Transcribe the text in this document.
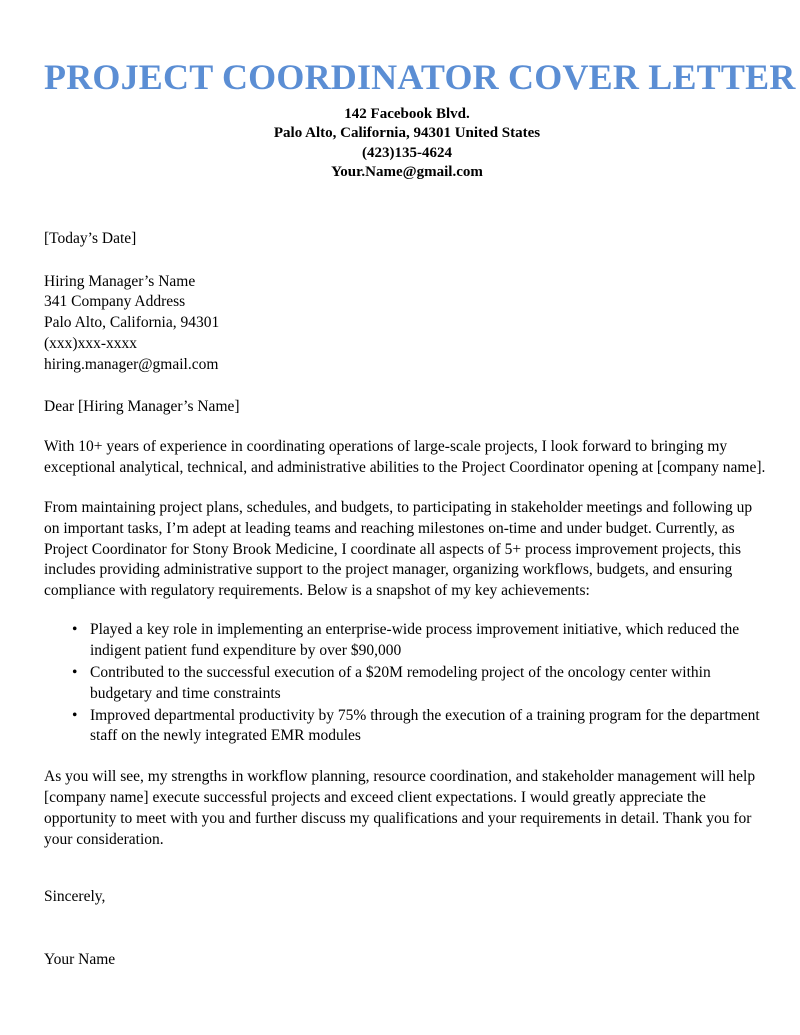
PROJECT COORDINATOR COVER LETTER
142 Facebook Blvd.
Palo Alto, California, 94301 United States
(423)135-4624
Your.Name@gmail.com
[Today’s Date]
Hiring Manager’s Name
341 Company Address
Palo Alto, California, 94301
(xxx)xxx-xxxx
hiring.manager@gmail.com
Dear [Hiring Manager’s Name]

With 10+ years of experience in coordinating operations of large-scale projects, I look forward to bringing my exceptional analytical, technical, and administrative abilities to the Project Coordinator opening at [company name].

From maintaining project plans, schedules, and budgets, to participating in stakeholder meetings and following up on important tasks, I’m adept at leading teams and reaching milestones on-time and under budget. Currently, as Project Coordinator for Stony Brook Medicine, I coordinate all aspects of 5+ process improvement projects, this includes providing administrative support to the project manager, organizing workflows, budgets, and ensuring compliance with regulatory requirements. Below is a snapshot of my key achievements:

• Played a key role in implementing an enterprise-wide process improvement initiative, which reduced the indigent patient fund expenditure by over $90,000
• Contributed to the successful execution of a $20M remodeling project of the oncology center within budgetary and time constraints
• Improved departmental productivity by 75% through the execution of a training program for the department staff on the newly integrated EMR modules

As you will see, my strengths in workflow planning, resource coordination, and stakeholder management will help [company name] execute successful projects and exceed client expectations. I would greatly appreciate the opportunity to meet with you and further discuss my qualifications and your requirements in detail. Thank you for your consideration.

Sincerely,
Your Name
